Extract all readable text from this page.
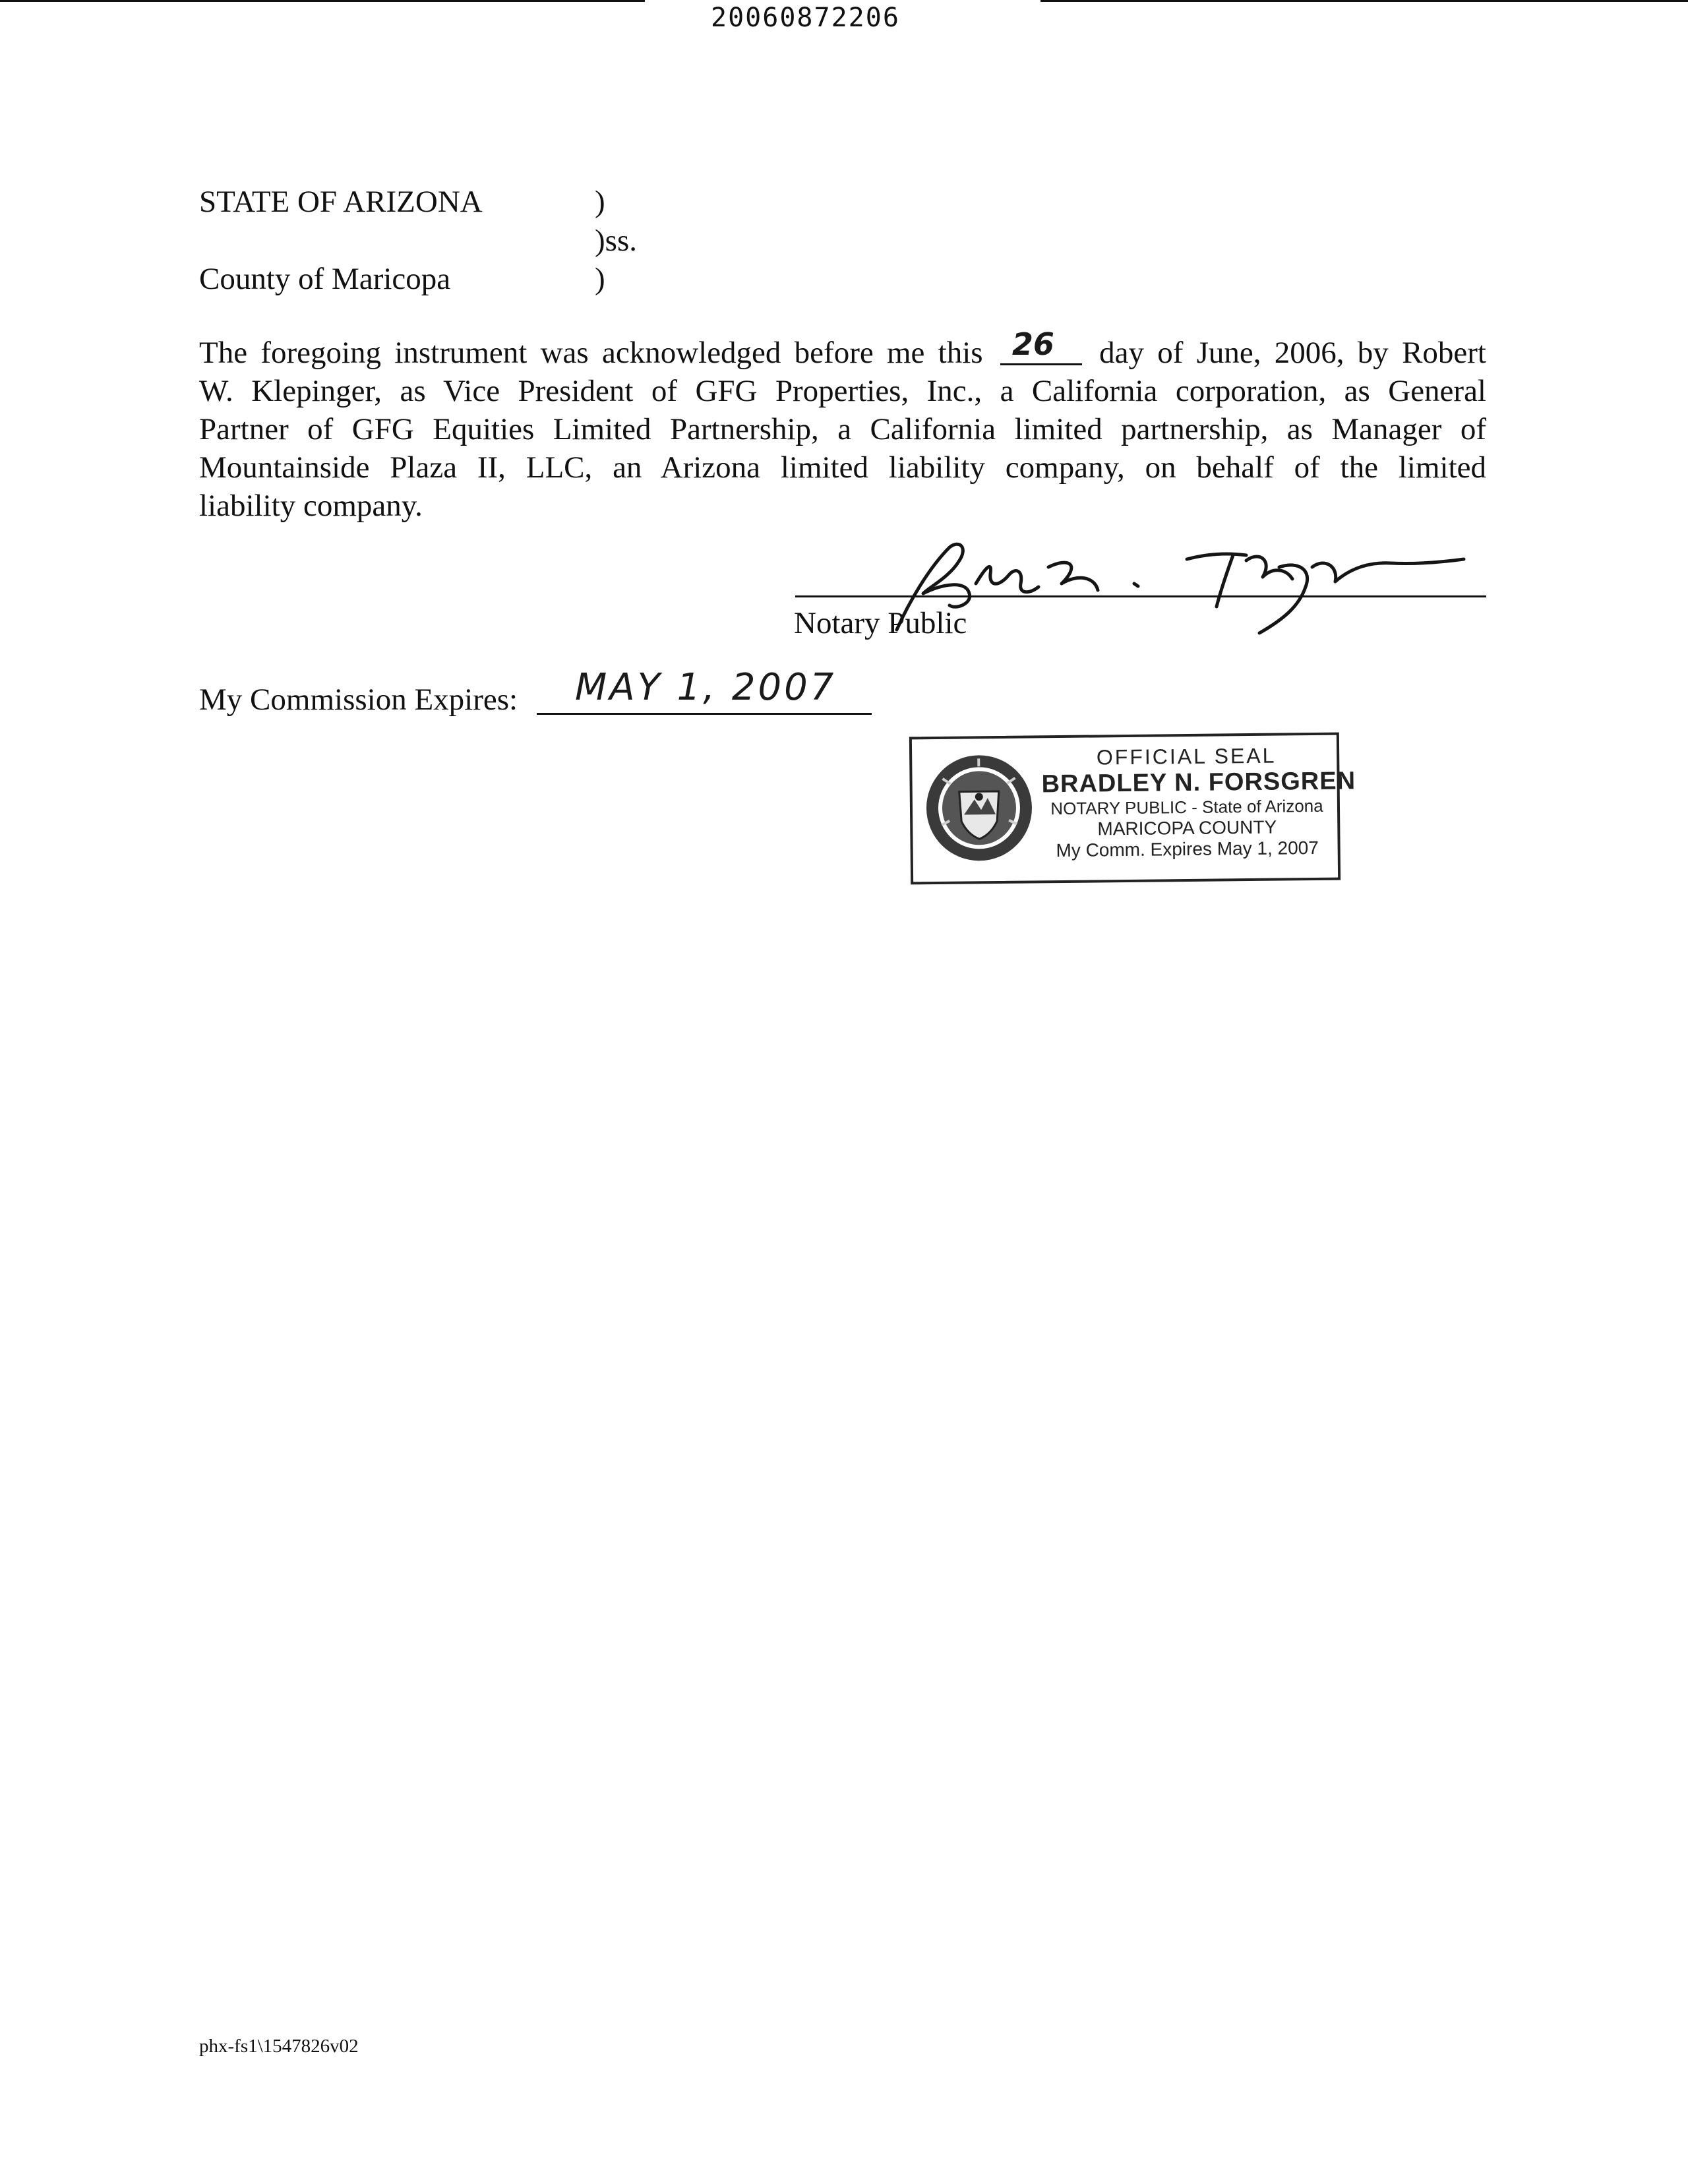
20060872206
STATE OF ARIZONA	)
)ss.
County of Maricopa	)
The foregoing instrument was acknowledged before me this 26 day of June, 2006, by Robert
W. Klepinger, as Vice President of GFG Properties, Inc., a California corporation, as General
Partner of GFG Equities Limited Partnership, a California limited partnership, as Manager of
Mountainside Plaza II, LLC, an Arizona limited liability company, on behalf of the limited
liability company.
Notary Public
My Commission Expires: MAY 1, 2007
OFFICIAL SEAL
BRADLEY N. FORSGREN
NOTARY PUBLIC - State of Arizona
MARICOPA COUNTY
My Comm. Expires May 1, 2007
phx-fs1\1547826v02
